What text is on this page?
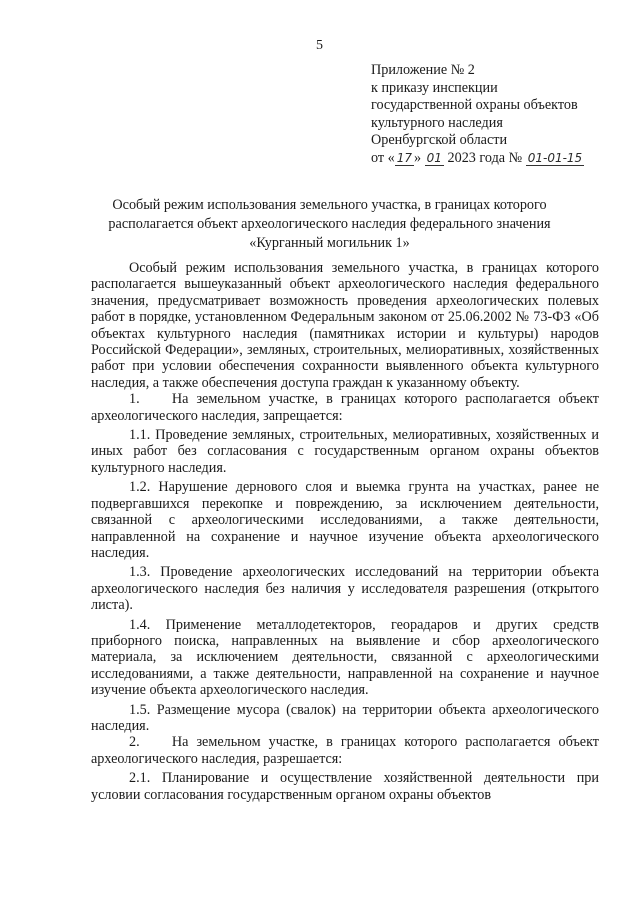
5
Приложение № 2
к приказу инспекции
государственной охраны объектов
культурного наследия
Оренбургской области
от « 17 » 01 2023 года № 01-01-15
Особый режим использования земельного участка, в границах которого
располагается объект археологического наследия федерального значения
«Курганный могильник 1»

Особый режим использования земельного участка, в границах которого располагается вышеуказанный объект археологического наследия федерального значения, предусматривает возможность проведения археологических полевых работ в порядке, установленном Федеральным законом от 25.06.2002 № 73-ФЗ «Об объектах культурного наследия (памятниках истории и культуры) народов Российской Федерации», земляных, строительных, мелиоративных, хозяйственных работ при условии обеспечения сохранности выявленного объекта культурного наследия, а также обеспечения доступа граждан к указанному объекту.

1.    На земельном участке, в границах которого располагается объект археологического наследия, запрещается:

1.1. Проведение земляных, строительных, мелиоративных, хозяйственных и иных работ без согласования с государственным органом охраны объектов культурного наследия.

1.2. Нарушение дернового слоя и выемка грунта на участках, ранее не подвергавшихся перекопке и повреждению, за исключением деятельности, связанной с археологическими исследованиями, а также деятельности, направленной на сохранение и научное изучение объекта археологического наследия.

1.3. Проведение археологических исследований на территории объекта археологического наследия без наличия у исследователя разрешения (открытого листа).

1.4. Применение металлодетекторов, георадаров и других средств приборного поиска, направленных на выявление и сбор археологического материала, за исключением деятельности, связанной с археологическими исследованиями, а также деятельности, направленной на сохранение и научное изучение объекта археологического наследия.

1.5. Размещение мусора (свалок) на территории объекта археологического наследия.

2.    На земельном участке, в границах которого располагается объект археологического наследия, разрешается:

2.1. Планирование и осуществление хозяйственной деятельности при условии согласования государственным органом охраны объектов
